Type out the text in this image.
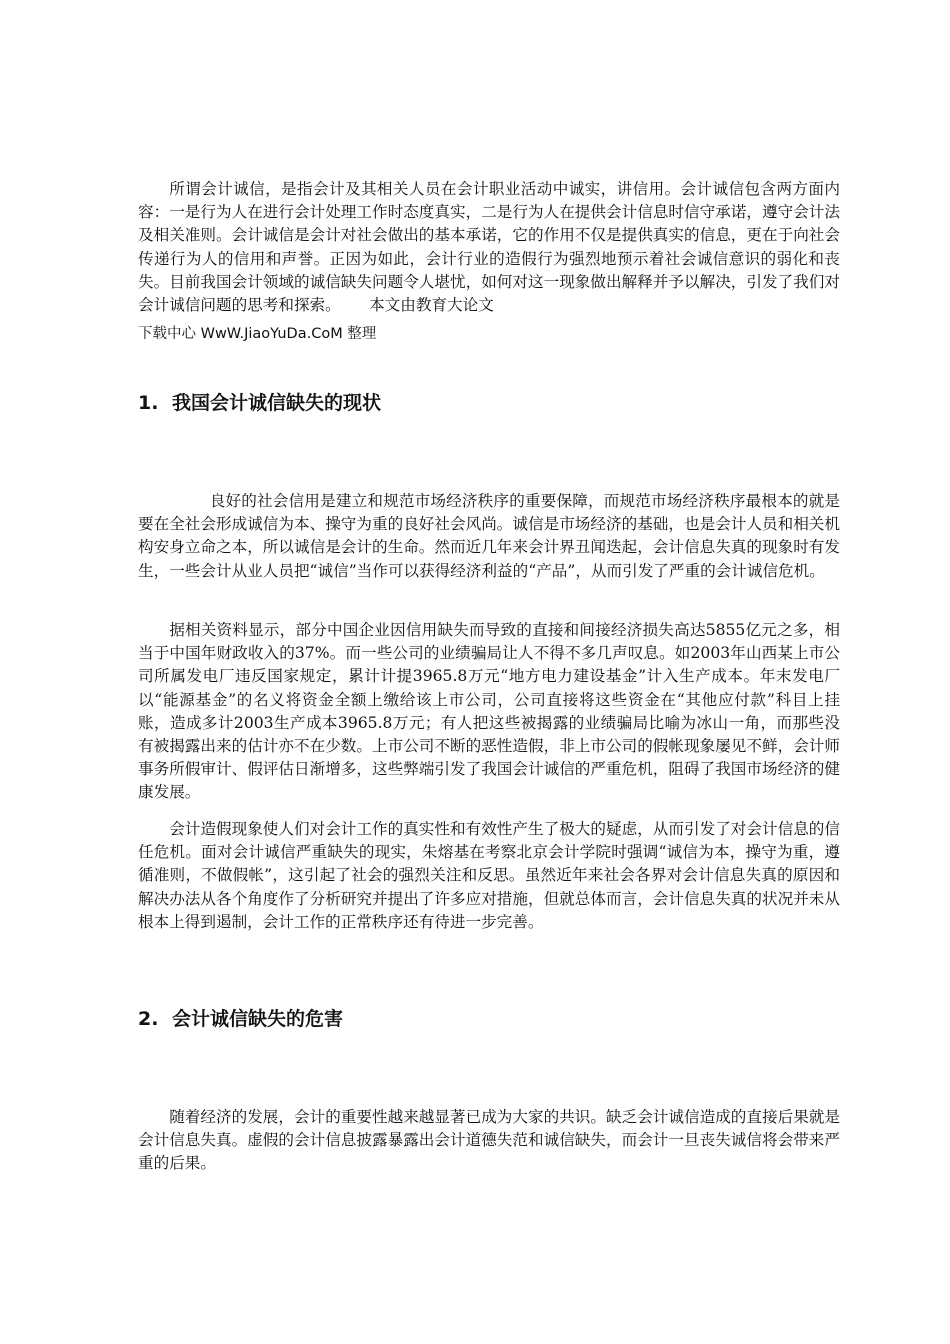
所谓会计诚信，是指会计及其相关人员在会计职业活动中诚实，讲信用。会计诚信包含两方面内容：一是行为人在进行会计处理工作时态度真实，二是行为人在提供会计信息时信守承诺，遵守会计法及相关准则。会计诚信是会计对社会做出的基本承诺，它的作用不仅是提供真实的信息，更在于向社会传递行为人的信用和声誉。正因为如此，会计行业的造假行为强烈地预示着社会诚信意识的弱化和丧失。目前我国会计领域的诚信缺失问题令人堪忧，如何对这一现象做出解释并予以解决，引发了我们对会计诚信问题的思考和探索。　　 本文由教育大论文

下载中心 WwW.JiaoYuDa.CoM 整理

1. 我国会计诚信缺失的现状

良好的社会信用是建立和规范市场经济秩序的重要保障，而规范市场经济秩序最根本的就是要在全社会形成诚信为本、操守为重的良好社会风尚。诚信是市场经济的基础，也是会计人员和相关机构安身立命之本，所以诚信是会计的生命。然而近几年来会计界丑闻迭起，会计信息失真的现象时有发生，一些会计从业人员把“诚信”当作可以获得经济利益的“产品”，从而引发了严重的会计诚信危机。

据相关资料显示，部分中国企业因信用缺失而导致的直接和间接经济损失高达5855亿元之多，相当于中国年财政收入的37%。而一些公司的业绩骗局让人不得不多几声叹息。如2003年山西某上市公司所属发电厂违反国家规定，累计计提3965.8万元“地方电力建设基金”计入生产成本。年末发电厂以“能源基金”的名义将资金全额上缴给该上市公司，公司直接将这些资金在“其他应付款”科目上挂账，造成多计2003生产成本3965.8万元；有人把这些被揭露的业绩骗局比喻为冰山一角，而那些没有被揭露出来的估计亦不在少数。上市公司不断的恶性造假，非上市公司的假帐现象屡见不鲜，会计师事务所假审计、假评估日渐增多，这些弊端引发了我国会计诚信的严重危机，阻碍了我国市场经济的健康发展。

会计造假现象使人们对会计工作的真实性和有效性产生了极大的疑虑，从而引发了对会计信息的信任危机。面对会计诚信严重缺失的现实，朱熔基在考察北京会计学院时强调“诚信为本，操守为重，遵循准则，不做假帐”，这引起了社会的强烈关注和反思。虽然近年来社会各界对会计信息失真的原因和解决办法从各个角度作了分析研究并提出了许多应对措施，但就总体而言，会计信息失真的状况并未从根本上得到遏制，会计工作的正常秩序还有待进一步完善。

2. 会计诚信缺失的危害

随着经济的发展，会计的重要性越来越显著已成为大家的共识。缺乏会计诚信造成的直接后果就是会计信息失真。虚假的会计信息披露暴露出会计道德失范和诚信缺失，而会计一旦丧失诚信将会带来严重的后果。
